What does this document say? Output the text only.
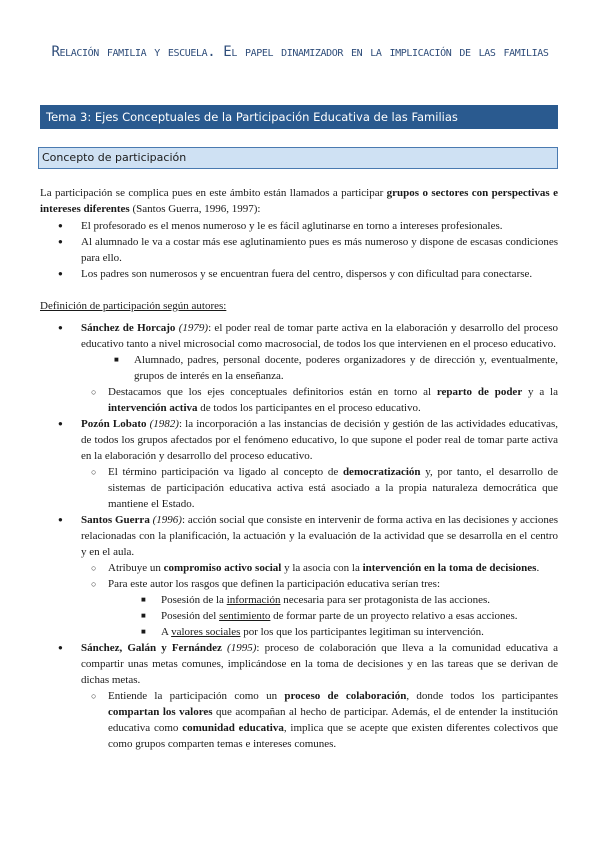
Relación familia y escuela. El papel dinamizador en la implicación de las familias
Tema 3: Ejes Conceptuales de la Participación Educativa de las Familias
Concepto de participación

La participación se complica pues en este ámbito están llamados a participar grupos o sectores con perspectivas e intereses diferentes (Santos Guerra, 1996, 1997):

● El profesorado es el menos numeroso y le es fácil aglutinarse en torno a intereses profesionales.
● Al alumnado le va a costar más ese aglutinamiento pues es más numeroso y dispone de escasas condiciones para ello.
● Los padres son numerosos y se encuentran fuera del centro, dispersos y con dificultad para conectarse.

Definición de participación según autores:

● Sánchez de Horcajo (1979): el poder real de tomar parte activa en la elaboración y desarrollo del proceso educativo tanto a nivel microsocial como macrosocial, de todos los que intervienen en el proceso educativo.
■ Alumnado, padres, personal docente, poderes organizadores y de dirección y, eventualmente, grupos de interés en la enseñanza.
○ Destacamos que los ejes conceptuales definitorios están en torno al reparto de poder y a la intervención activa de todos los participantes en el proceso educativo.
● Pozón Lobato (1982): la incorporación a las instancias de decisión y gestión de las actividades educativas, de todos los grupos afectados por el fenómeno educativo, lo que supone el poder real de tomar parte activa en la elaboración y desarrollo del proceso educativo.
○ El término participación va ligado al concepto de democratización y, por tanto, el desarrollo de sistemas de participación educativa activa está asociado a la propia naturaleza democrática que mantiene el Estado.
● Santos Guerra (1996): acción social que consiste en intervenir de forma activa en las decisiones y acciones relacionadas con la planificación, la actuación y la evaluación de la actividad que se desarrolla en el centro y en el aula.
○ Atribuye un compromiso activo social y la asocia con la intervención en la toma de decisiones.
○ Para este autor los rasgos que definen la participación educativa serían tres:
■ Posesión de la información necesaria para ser protagonista de las acciones.
■ Posesión del sentimiento de formar parte de un proyecto relativo a esas acciones.
■ A valores sociales por los que los participantes legitiman su intervención.
● Sánchez, Galán y Fernández (1995): proceso de colaboración que lleva a la comunidad educativa a compartir unas metas comunes, implicándose en la toma de decisiones y en las tareas que se derivan de dichas metas.
○ Entiende la participación como un proceso de colaboración, donde todos los participantes compartan los valores que acompañan al hecho de participar. Además, el de entender la institución educativa como comunidad educativa, implica que se acepte que existen diferentes colectivos que como grupos comparten temas e intereses comunes.
